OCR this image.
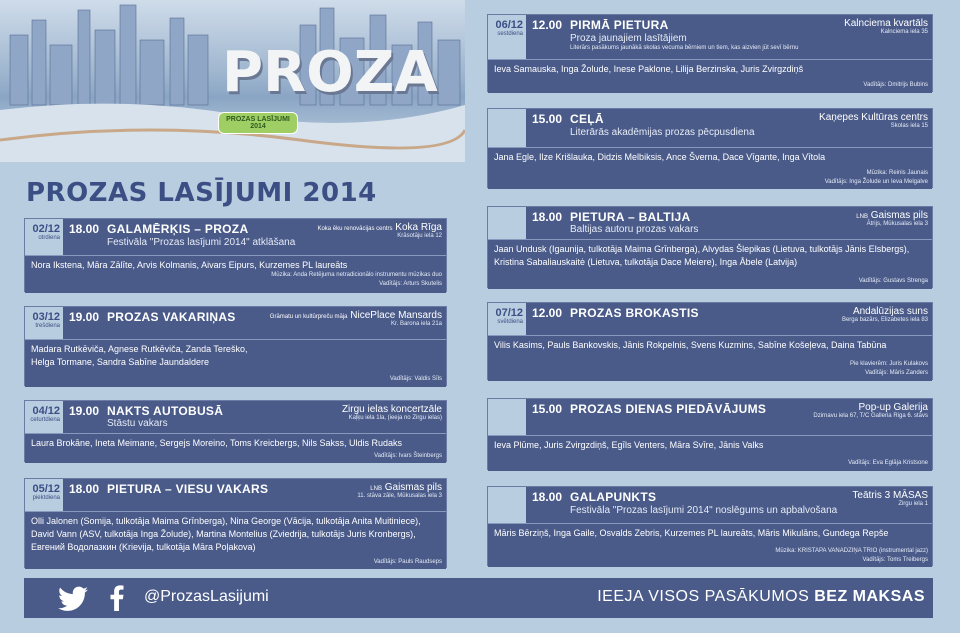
PROZA
PROZAS LASĪJUMI 2014
PROZAS LASĪJUMI 2014
02/12
otrdiena
18.00 GALAMĒRĶIS – PROZA
Festivāla "Prozas lasījumi 2014" atklāšana
Koka ēku renovācijas centrs Koka Rīga
Krāsotāju iela 12
Nora Ikstena, Māra Zālīte, Arvis Kolmanis, Aivars Eipurs, Kurzemes PL laureāts
Mūzika: Anda Retējuma netradicionālo instrumentu mūzikas duo
Vadītājs: Arturs Skutelis
03/12
trešdiena
19.00 PROZAS VAKARIŅAS	Grāmatu un kultūrpreču māja NicePlace Mansards
Kr. Barona iela 21a
Madara Rutkēviča, Agnese Rutkēviča, Zanda Tereško, Helga Tormane, Sandra Sabīne Jaundaldere
Vadītājs: Valdis Sīls
04/12
ceturtdiena
19.00 NAKTS AUTOBUSĀ
Stāstu vakars
Zirgu ielas koncertzāle
Kaļķu iela 1la, (ieeja no Zirgu ielas)
Laura Brokāne, Ineta Meimane, Sergejs Moreino, Toms Kreicbergs, Nils Sakss, Uldis Rudaks
Vadītājs: Ivars Šteinbergs
05/12
piektdiena
18.00 PIETURA – VIESU VAKARS	LNB Gaismas pils
11. stāva zāle, Mūkusalas iela 3
Olli Jalonen (Somija, tulkotāja Maima Grīnberga), Nina George (Vācija, tulkotāja Anita Muitiniece),
David Vann (ASV, tulkotāja Inga Žolude), Martina Montelius (Zviedrija, tulkotājs Juris Kronbergs),
Евгений Водолазкин (Krievija, tulkotāja Māra Poļakova)
Vadītājs: Pauls Raudseps
06/12
sestdiena
12.00 PIRMĀ PIETURA
Proza jaunajiem lasītājiem
Literārs pasākums jaunākā skolas vecuma bērniem un tiem, kas aizvien jūt sevī bērnu
Kalnciema kvartāls
Kalnciema iela 35
Ieva Samauska, Inga Žolude, Inese Paklone, Lilija Berzinska, Juris Zvirgzdiņš
Vadītājs: Dmitrijs Bubins
15.00 CEĻĀ
Literārās akadēmijas prozas pēcpusdiena
Kaņepes Kultūras centrs
Skolas iela 15
Jana Egle, Ilze Krišlauka, Didzis Melbiksis, Ance Šverna, Dace Vīgante, Inga Vītola
Mūzika: Reinis Jaunais
Vadītājs: Inga Žolude un Ieva Melgalve
18.00 PIETURA – BALTIJA
Baltijas autoru prozas vakars
LNB Gaismas pils
Ātrijs, Mūkusalas iela 3
Jaan Undusk (Igaunija, tulkotāja Maima Grīnberga), Alvydas Šlepikas (Lietuva, tulkotājs Jānis Elsbergs),
Kristina Sabaliauskaitė (Lietuva, tulkotāja Dace Meiere), Inga Ābele (Latvija)
Vadītājs: Gustavs Strenga
07/12
svētdiena
12.00 PROZAS BROKASTIS	Andalūzijas suns
Berga bazārs, Elizabetes iela 83
Vilis Kasims, Pauls Bankovskis, Jānis Rokpelnis, Svens Kuzmins, Sabīne Košeļeva, Daina Tabūna
Pie klavierēm: Juris Kulakovs
Vadītājs: Māris Zanders
15.00 PROZAS DIENAS PIEDĀVĀJUMS	Pop-up Galerija
Dzirnavu iela 67, T/C Galleria Riga 6. stāvs
Ieva Plūme, Juris Zvirgzdiņš, Egīls Venters, Māra Svīre, Jānis Valks
Vadītājs: Eva Eglāja Kristsone
18.00 GALAPUNKTS
Festivāla "Prozas lasījumi 2014" noslēgums un apbalvošana
Teātris 3 MĀSAS
Zirgu iela 1
Māris Bērziņš, Inga Gaile, Osvalds Zebris, Kurzemes PL laureāts, Māris Mikulāns, Gundega Repše
Mūzika: KRISTAPA VANADZIŅA TRIO (instrumental jazz)
Vadītājs: Toms Treibergs
@ProzasLasijumi	IEEJA VISOS PASĀKUMOS BEZ MAKSAS
